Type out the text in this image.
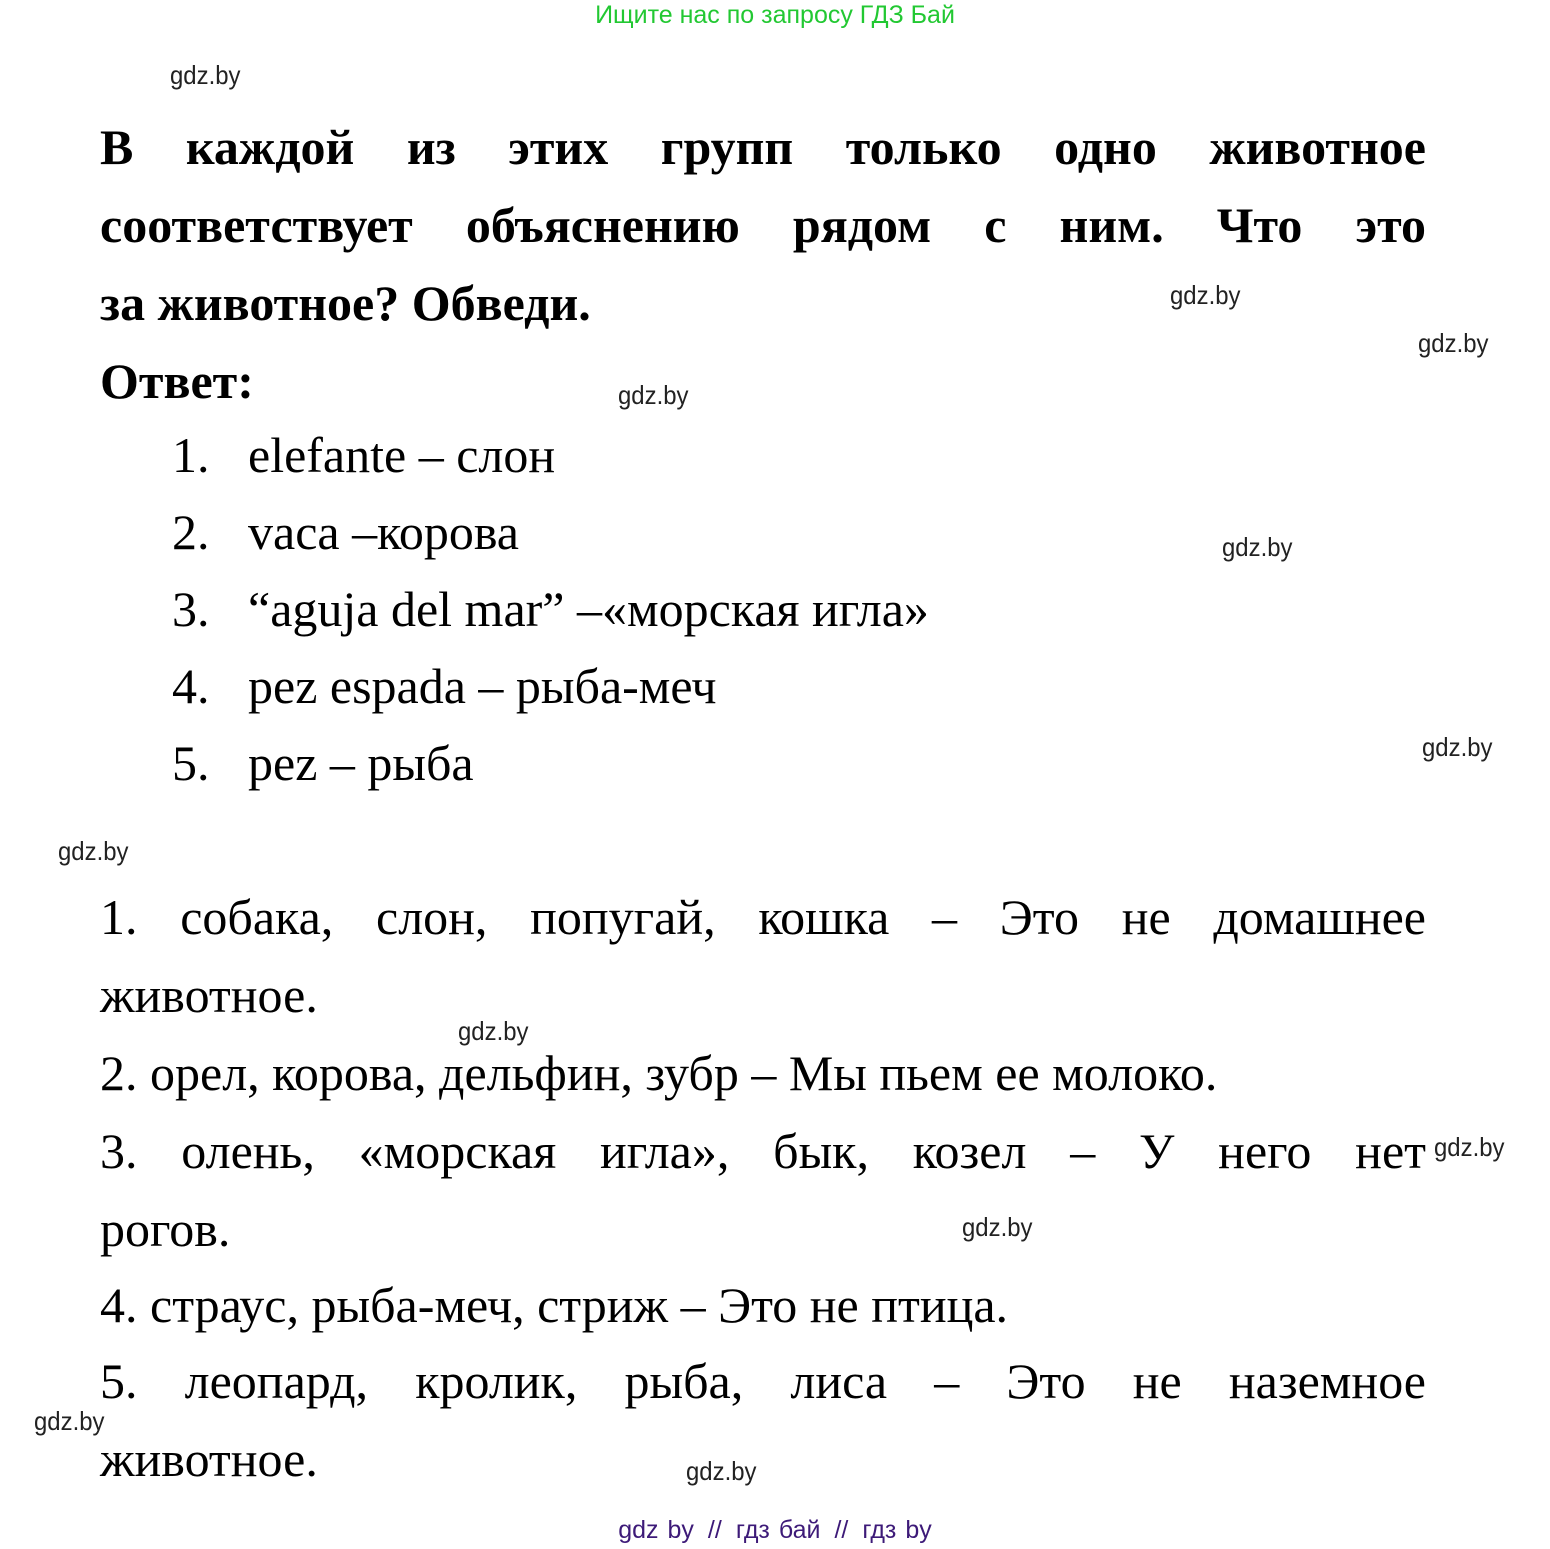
Ищите нас по запросу ГДЗ Бай
gdz.by
gdz.by
gdz.by
gdz.by
gdz.by
gdz.by
gdz.by
gdz.by
gdz.by
gdz.by
gdz.by
gdz.by
В каждой из этих групп только одно животное
соответствует объяснению рядом с ним. Что это
за животное? Обведи.
Ответ:
1. elefante – слон
2. vaca –корова
3. “aguja del mar” –«морская игла»
4. pez espada – рыба-меч
5. pez – рыба
1. собака, слон, попугай, кошка – Это не домашнее
животное.
2. орел, корова, дельфин, зубр – Мы пьем ее молоко.
3. олень, «морская игла», бык, козел – У него нет
рогов.
4. страус, рыба-меч, стриж – Это не птица.
5. леопард, кролик, рыба, лиса – Это не наземное
животное.
gdz by // гдз бай // гдз by
